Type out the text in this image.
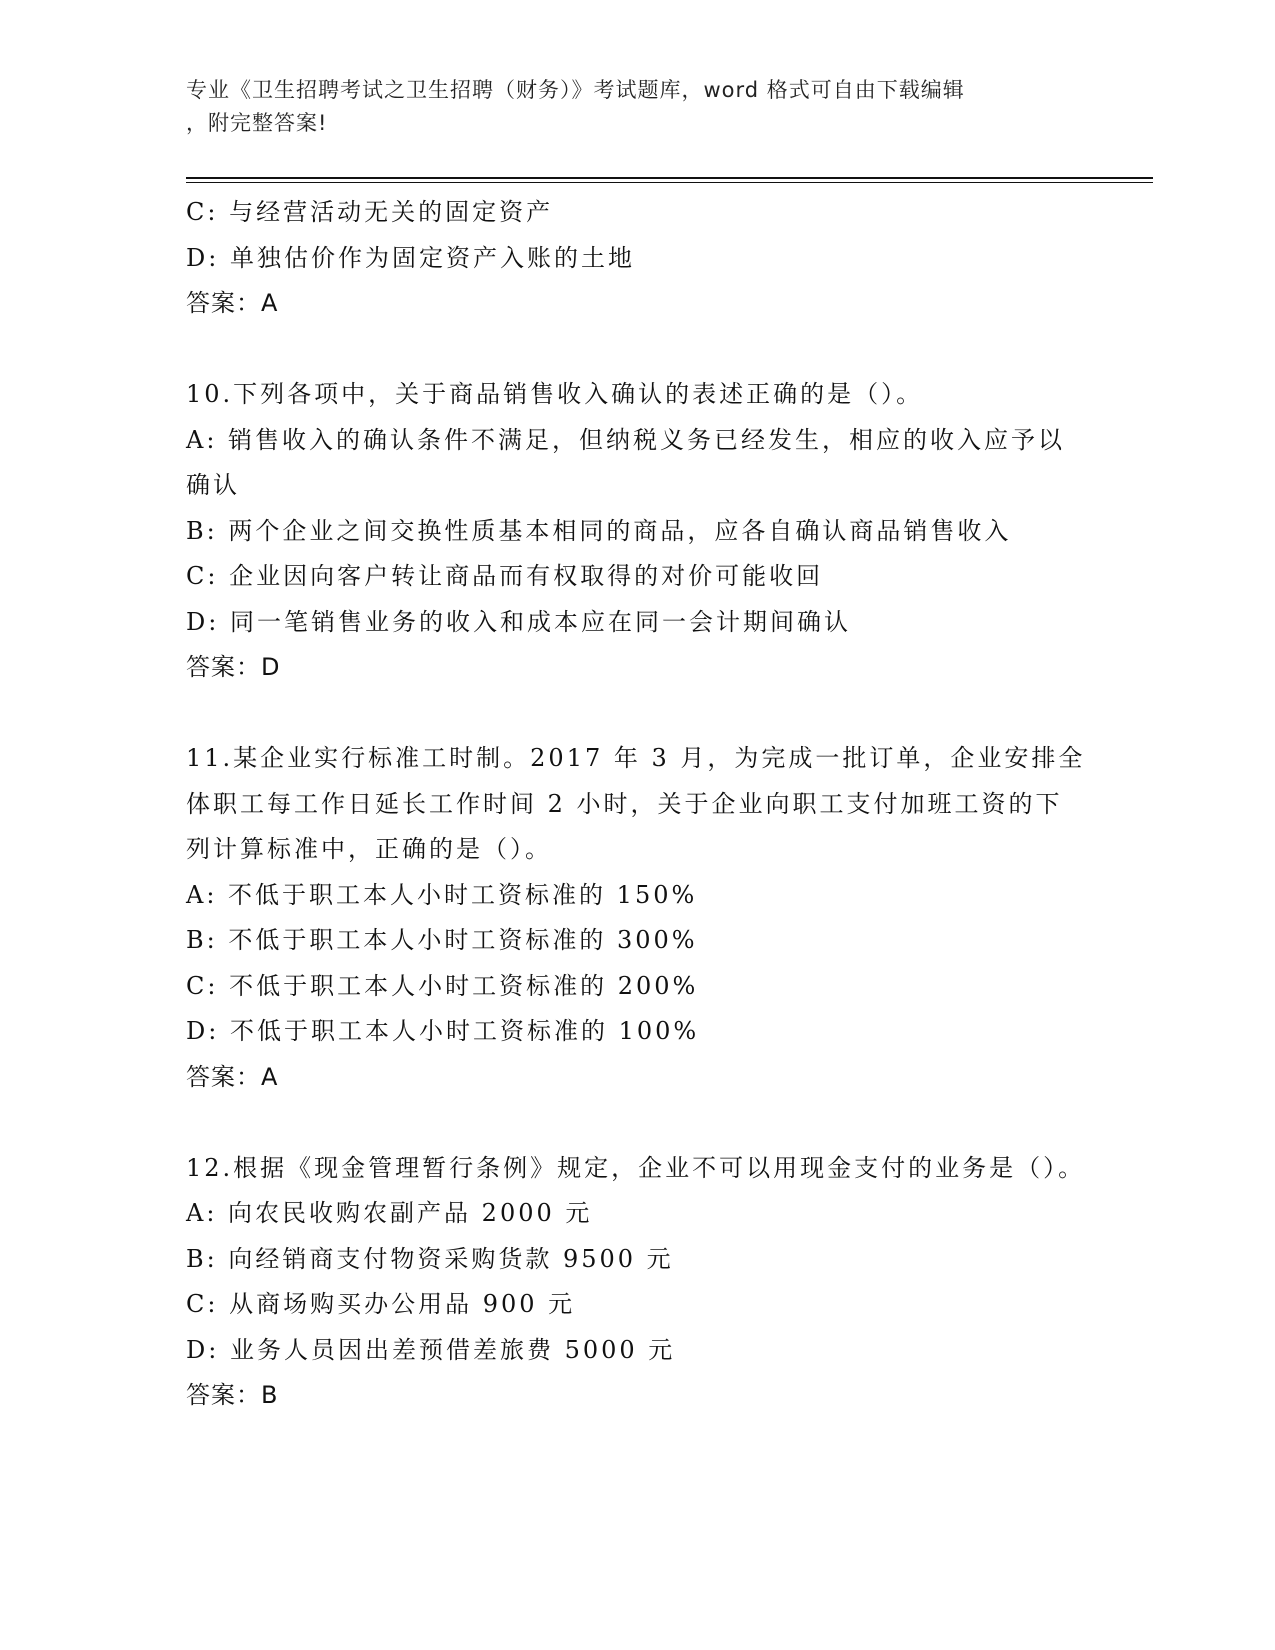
专业《卫生招聘考试之卫生招聘（财务）》考试题库，word 格式可自由下载编辑
，附完整答案!
C: 与经营活动无关的固定资产
D: 单独估价作为固定资产入账的土地
答案：A
10.下列各项中，关于商品销售收入确认的表述正确的是（）。
A: 销售收入的确认条件不满足，但纳税义务已经发生，相应的收入应予以确认
B: 两个企业之间交换性质基本相同的商品，应各自确认商品销售收入
C: 企业因向客户转让商品而有权取得的对价可能收回
D: 同一笔销售业务的收入和成本应在同一会计期间确认
答案：D
11.某企业实行标准工时制。2017 年 3 月，为完成一批订单，企业安排全体职工每工作日延长工作时间 2 小时，关于企业向职工支付加班工资的下列计算标准中，正确的是（）。
A: 不低于职工本人小时工资标准的 150%
B: 不低于职工本人小时工资标准的 300%
C: 不低于职工本人小时工资标准的 200%
D: 不低于职工本人小时工资标准的 100%
答案：A
12.根据《现金管理暂行条例》规定，企业不可以用现金支付的业务是（）。
A: 向农民收购农副产品 2000 元
B: 向经销商支付物资采购货款 9500 元
C: 从商场购买办公用品 900 元
D: 业务人员因出差预借差旅费 5000 元
答案：B
